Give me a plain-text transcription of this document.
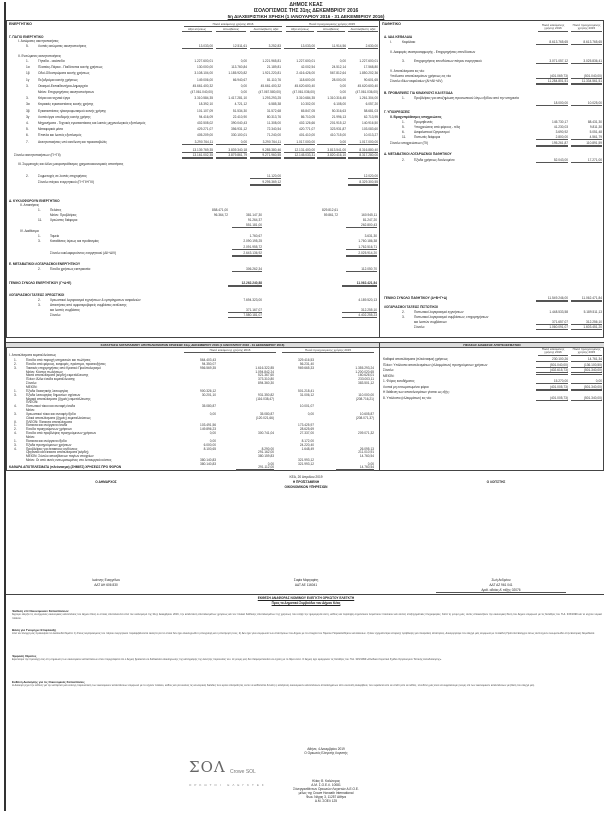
ΔΗΜΟΣ ΚΕΑΣ
ΙΣΟΛΟΓΙΣΜΟΣ ΤΗΣ 31ης ΔΕΚΕΜΒΡΙΟΥ 2016
5η ΔΙΑΧΕΙΡΙΣΤΙΚΗ ΧΡΗΣΗ (1 ΙΑΝΟΥΑΡΙΟΥ 2016 - 31 ΔΕΚΕΜΒΡΙΟΥ 2016)
ΕΝΕΡΓΗΤΙΚΟ	Ποσά κλειόμενης χρήσης 2016	Ποσά προηγούμενης χρήσης 2015
Αξία κτήσεως	Αποσβέσεις	Αναπόσβεστη αξία	Αξία κτήσεως	Αποσβέσεις	Αναπόσβεστη αξία
Γ. ΠΑΓΙΟ ΕΝΕΡΓΗΤΙΚΟ
I. Ασώματες ακινητοποιήσεις
5.	Λοιπές ασώματες ακινητοποιήσεις	13.033,00	12.511,61	3.252,83	13.033,00	11.914,56	2.630,00
II. Ενσώματες ακινητοποιήσεις
1.	Γήπεδα - οικόπεδα	1.227.600,01	0,00	1.221.965,81	1.227.600,01	0,00	1.227.600,01
1α	Πλατείες-Πάρκα - Παιδότοποι κοινής χρήσεως	130.000,00	113.760,84	21.189,81	42.002,54	24.512,14	17.568,80
1β	Οδοί-Οδοστρώματα κοινής χρήσεως	3.108.104,00	1.185.920,82	1.921.220,81	2.416.426,00	567.812,64	1.850.202,36
1γ	Πεζοδρόμια κοινής χρήσεως	149.006,00	66.940,67	81.110,76	118.600,00	28.000,00	90.601,65
3.	Οικισμοί-Εκπαιδευτήρια-Δημαρχεία	45.661.400,32	0,00	45.661.400,32	45.620.600,40	0,00	45.620.600,40
Μείον: Επιχορηγήσεις ακινητοποιήσεων	(47.061.040,00)	0,00	(47.067.580,00)	(47.061.036,00)	0,00	(47.061.036,00)
3.	Κτίρια και τεχνικά έργα	3.310.584,35	1.417.281,10	1.293.293,25	3.310.684,35	1.310.316,45	1.261.304,00
3α	Κτιριακές εγκαταστάσεις κοινής χρήσης	18.392,10	4.721,12	6.585,38	10.302,00	6.108,00	6.057,20
3β	Εγκαταστάσεις ηλεκτροφωτισμού κοινής χρήσης	101.107,09	51.534,30	31.572,68	65.847,05	50.316,63	58.681,03
3γ	Λοιπά έργα υποδομής κοινής χρήσης	94.416,09	22.410,90	80.313,76	86.710,05	21.996,13	62.713,95
4.	Μηχανήματα - Τεχνικές εγκαταστάσεις και λοιπός μηχανολογικός εξοπλισμός	402.508,02	390.040,43	11.308,00	402.126,66	201.915,12	140.916,50
5.	Μεταφορικά μέσα	429.271,07	356.931,12	72.340,54	420.771,07	323.931,87	103.083,60
6.	Έπιπλα και λοιπός εξοπλισμός	405.209,00	330.100,01	71.240,00	401.410,00	410.715,00	10.013,27
7.	Ακινητοποιήσεις υπό εκτέλεση και προκαταβολές	3.290.764,11	0,00	3.290.764,11	1.017.000,00	0,00	1.017.000,00
13.139.769,35	3.839.340,18	9.285.380,46	12.131.400,00	3.813.541,00	8.316.880,40
Σύνολο ακινητοποιήσεων (ΓΙ+ΓΙΙ)	13.161.002,35	3.879.861,79	9.271.960,55	12.145.033,31	3.820.416,10	8.317.280,00
III. Συμμετοχές και άλλες μακροπρόθεσμες χρηματοοικονομικές απαιτήσεις
2.	Συμμετοχές σε λοιπές επιχειρήσεις	11.120,00	12.020,00
Σύνολο πάγιου ενεργητικού (ΓΙ+ΓΙΙ+ΓΙΙΙ)	9.295.369,12	8.329.300,55
Δ. ΚΥΚΛΟΦΟΡΟΥΝ ΕΝΕΡΓΗΤΙΚΟ
II. Απαιτήσεις
1.	Πελάτες	858.471,00	829.812,61
Μείον: Προβλέψεις	96.364,72	381.147,30	59.861,72	160.945,11
11.	Χρεώστες διάφοροι	91.264,37	81.247,20
551.181,00	262.800,43
IV. Διαθέσιμα
1.	Ταμείο	1.760,67	3.631,30
3.	Καταθέσεις όψεως και προθεσμίας	2.090.195,25	1.760.186,38
2.091.955,72	1.762.516,71
Σύνολο κυκλοφορούντος ενεργητικού (ΔΙΙ+ΔΙV)	2.643.136,92	2.025.914,20
Ε. ΜΕΤΑΒΑΤΙΚΟΙ ΛΟΓΑΡΙΑΣΜΟΙ ΕΝΕΡΓΗΤΙΚΟΥ
2.	Έσοδα χρήσεως εισπρακτέα	306.262,34	112.050,70
ΓΕΝΙΚΟ ΣΥΝΟΛΟ ΕΝΕΡΓΗΤΙΚΟΥ (Γ+Δ+Ε)	12.262.240,88	11.062.421,84
ΛΟΓΑΡΙΑΣΜΟΙ ΤΑΞΕΩΣ ΧΡΕΩΣΤΙΚΟΙ
2.	Χρεωστικοί λογαριασμοί εγγυήσεων & εμπράγματων ασφαλειών	7.694.323,00	4.189.520,13
3.	Απαιτήσεις από αμφοτεροβαρείς συμβάσεις εκτέλεσης
και λοιπές συμβάσεις	371.167,07	312.255,10
Σύνολο	7.580.181,07	4.402.255,23
ΠΑΘΗΤΙΚΟ	Ποσά κλειόμενης χρήσης 2016
Ποσά προηγούμενης χρήσης 2015
Α. ΙΔΙΑ ΚΕΦΑΛΑΙΑ
I.	Κεφάλαιο	8.613.765,65	8.613.765,65
II. Διαφορές αναπροσαρμογής - Επιχορηγήσεις επενδύσεων
3.	Επιχορηγήσεις επενδύσεων πάγιου ενεργητικού	3.071.057,12	3.025.836,41
V. Αποτελέσματα εις νέο
Υπόλοιπο αποτελεσμάτων χρήσεως εις νέο	(401.069,73)	(501.040,00)
Σύνολο ιδίων κεφαλαίων (ΑΙ+ΑΙΙ+ΑV)	11.284.801,51	11.334.561,51
Β. ΠΡΟΒΛΕΨΕΙΣ ΓΙΑ ΚΙΝΔΥΝΟΥΣ ΚΑΙ ΕΞΟΔΑ
1.	Προβλέψεις για αποζημίωση προσωπικού λόγω εξόδου από την υπηρεσία
18.000,00	10.025,00
Γ. ΥΠΟΧΡΕΩΣΕΙΣ
II. Βραχυπρόθεσμες υποχρεώσεις
1.	Προμηθευτές	145.730,17	88.431,30
5.	Υποχρεώσεις από φόρους - τέλη	41.230,03	9.811,30
6.	Ασφαλιστικοί Οργανισμοί	3.690,92	5.051,48
11.	Πιστωτές διάφοροι	2.800,00	4.561,79
Σύνολο υποχρεώσεων (ΓΙΙ)	195.261,87	110.891,59
Δ. ΜΕΤΑΒΑΤΙΚΟΙ ΛΟΓΑΡΙΑΣΜΟΙ ΠΑΘΗΤΙΚΟΥ
2.	Έξοδα χρήσεως δουλευμένα	52.043,00	17.271,00
ΓΕΝΙΚΟ ΣΥΝΟΛΟ ΠΑΘΗΤΙΚΟΥ (Α+Β+Γ+Δ)	11.549.246,00	11.062.471,84
ΛΟΓΑΡΙΑΣΜΟΙ ΤΑΞΕΩΣ ΠΙΣΤΩΤΙΚΟΙ
2.	Πιστωτικοί λογαριασμοί εγγυήσεων	1.448.533,58	5.189.511,13
3.	Πιστωτικοί λογαριασμοί συμβάσεων, επιχορηγήσεων
και λοιπών συμβάσεων	371.657,07	312.256,10
Σύνολο	1.060.091,07	1.603.451,20
ΚΑΤΑΣΤΑΣΗ ΛΟΓΑΡΙΑΣΜΟΥ ΑΠΟΤΕΛΕΣΜΑΤΩΝ ΧΡΗΣΕΩΣ 31ης ΔΕΚΕΜΒΡΙΟΥ 2016 (1 ΙΑΝΟΥΑΡΙΟΥ 2016 - 31 ΔΕΚΕΜΒΡΙΟΥ 2016)
Ποσά κλειόμενης χρήσης 2016	Ποσά προηγούμενης χρήσης 2015
I. Αποτελέσματα εκμεταλλεύσεως
1.	Έσοδα από παροχή υπηρεσιών και πωλήσεις	564.403,43	329.416,53
2.	Έσοδα από φόρους, εισφορές, πρόστιμα, προσαυξήσεις	94.350,07	56.231,40
3.	Τακτικές επιχορηγήσεις από Κρατικό Προϋπολογισμό	956.569,35	1.616.322,85	969.665,33	1.355.293,24
Μείον: Κόστος πωλήσεων	1.094.842,24	1.200.020,65
Μικτά αποτελέσματα (κέρδη) εκμετάλλευσης	521.367,60	160.626,01
Πλέον: Άλλα έσοδα εκμετάλλευσης	373.310,80	233.003,11
Σύνολο	894.360,30	383.501,12
ΜΕΙΟΝ:
1.	Έξοδα διοικητικής λειτουργίας	900.326,12	501.218,41
3.	Έξοδα λειτουργίας δημοσίων σχέσεων	30.201,10	931.350,82	31.006,12	110.000,00
Μερικά αποτελέσματα (ζημιές) εκμετάλλευσης	(116.038,47)	(208.716,21)
ΠΛΕΟΝ:
4.	Πιστωτικοί τόκοι και συναφή έσοδα	35.080,87	10.001,07
Μείον:
3.	Χρεωστικοί τόκοι και συναφή έξοδα	0,00	35.080,87	0,00	10.605,87
Ολικά αποτελέσματα (ζημιές) εκμεταλλεύσεως	(120.021,66)	(208.071,37)
II.	ΠΛΕΟΝ: Έκτακτα αποτελέσματα
1.	Έκτακτα και ανόργανα έσοδα	103.491,56	173.425,97
2.	Έσοδα προηγούμενων χρήσεων	149.896,23	28.625,69
4.	Έσοδα από προβλέψεις προηγούμενων χρήσεων	0,00	300.741,04	27.337,00	209.071,32
Μείον:
1.	Έκτακτα και ανόργανα έξοδα	0,00	8.172,00
3.	Έξοδα προηγούμενων χρήσεων	6.000,00	24.220,40
4.	Προβλέψεις για έκτακτους κινδύνους	8.100,65	8.290,00	1.648,49	26.095,13
Οργανικά και έκτακτα αποτελέσματα (κέρδη)	291.162,00	211.010,91
ΜΕΙΟΝ: Σύνολο αποσβέσεων παγίων στοιχείων	380.159,83	14.760,54
Μείον: Οι από αυτές ενσωματωμένες στο λειτουργικό κόστος	380.140,83	321.993,12
380.140,83	0,00	321.993,12	0,00
ΚΑΘΑΡΑ ΑΠΟΤΕΛΕΣΜΑΤΑ (πλεόνασμα) (ΖΗΜΙΕΣ) ΧΡΗΣΕΩΣ ΠΡΟ ΦΟΡΩΝ	291.112,00	14.760,54
ΠΙΝΑΚΑΣ ΔΙΑΘΕΣΗΣ ΑΠΟΤΕΛΕΣΜΑΤΩΝ
Ποσά κλειόμενης χρήσης 2016
Ποσά προηγούμενης χρήσης 2015
Καθαρά αποτελέσματα (πλεόνασμα) χρήσεως	230.100,26	14.761,34
Πλέον: Υπόλοιπο αποτελεσμάτων (ελλειμμάτων) προηγούμενων χρήσεων	(501.040,00)	(136.100,50)
Σύνολο	(402.615,73)	(501.340,00)
ΜΕΙΟΝ:
1. Φόρος εισοδήματος	15.270,00	0,00
Λοιποί μη ενσωματωμένοι φόροι	(401.005,73)	(501.340,00)
Η διάθεση των αποτελεσμάτων γίνεται ως εξής:
8. Υπόλοιπο (ελλειμμάτων) εις νέο	(401.005,73)	(501.340,00)
ΚΕΑ, 20 Απριλίου 2019
Ο ΔΗΜΑΡΧΟΣ	Η ΠΡΟΪΣΤΑΜΕΝΗ
ΟΙΚΟΝΟΜΙΚΩΝ ΥΠΗΡΕΣΙΩΝ
Ο ΛΟΓΙΣΤΗΣ
Ιωάννης Ευαγγέλου
ΑΔΤ ΑΗ 606 830
Σοφία Μαργαρίτη
ΑΔΤ ΑΕ 116041
Ζωή Ανδρέου
ΑΔΤ ΑΖ 961 041
Αριθ. αδείας Α' τάξης 02076
ΕΚΘΕΣΗ ΑΝΑΦΟΡΑΣ ΝΟΜΙΜΟΥ ΕΛΕΓΚΤΗ ΟΡΚΩΤΟΥ ΕΛΕΓΚΤΗ
Προς το Δημοτικό Συμβούλιο του Δήμου Κέας
Έκθεση επί Οικονομικών Καταστάσεων
Έχουμε ελέγξει τις συνημμένες οικονομικές καταστάσεις του Δήμου Κέας οι οποίες αποτελούνται από τον ισολογισμό της 31ης Δεκεμβρίου 2016, την κατάσταση αποτελεσμάτων χρήσεως και τον πίνακα διάθεσης αποτελεσμάτων της χρήσεως που έληξε την ημερομηνία αυτή, καθώς και περίληψη σημαντικών λογιστικών πολιτικών και λοιπές επεξηγηματικές πληροφορίες. Κατά τη γνώμη μας, αυτές απεικονίζουν την οικονομική θέση του Δήμου σύμφωνα με τις διατάξεις του Π.Δ. 315/1999 και το ισχύον νομικό πλαίσιο.
Βάση για Γνώμη με Επιφύλαξη
Από τον έλεγχό μας προέκυψαν τα ακόλουθα θέματα: 1) Στους λογαριασμούς του πάγιου ενεργητικού περιλαμβάνονται ακίνητα για τα οποία δεν έχει ολοκληρωθεί η απογραφή και η αποτίμησή τους. 2) Δεν έχει γίνει συμφωνία των απαιτήσεων του Δήμου με τα στοιχεία του Ταμείου Παρακαταθηκών και Δανείων. 3) Δεν σχηματίστηκε επαρκής πρόβλεψη για επισφαλείς απαιτήσεις. Διενεργήσαμε τον έλεγχό μας σύμφωνα με τα Διεθνή Πρότυπα Ελέγχου όπως αυτά έχουν ενσωματωθεί στην Ελληνική Νομοθεσία.
Έμφαση θέματος
Εφιστούμε την προσοχή σας στη σημείωση των οικονομικών καταστάσεων όπου περιγράφεται ότι ο Δήμος βρίσκεται σε διαδικασία ολοκλήρωσης της καταγραφής της ακίνητης περιουσίας του. Η γνώμη μας δεν διαφοροποιείται σε σχέση με το θέμα αυτό. Ο Δήμος έχει εφαρμόσει τις διατάξεις του Π.Δ. 315/1999 «Κλαδικό Λογιστικό Σχέδιο Οργανισμών Τοπικής Αυτοδιοίκησης».
Ευθύνη Διοίκησης για τις Οικονομικές Καταστάσεις
Η Διοίκηση έχει την ευθύνη για την κατάρτιση και εύλογη παρουσίαση των οικονομικών καταστάσεων σύμφωνα με το ισχύον πλαίσιο, καθώς και για εκείνες τις εσωτερικές δικλίδες που κρίνει απαραίτητες ώστε να καθίσταται δυνατή η κατάρτιση οικονομικών καταστάσεων απαλλαγμένων από ουσιώδη ανακρίβεια, που οφείλεται είτε σε απάτη είτε σε λάθος. Η ευθύνη μας είναι να εκφράσουμε γνώμη επί των οικονομικών καταστάσεων με βάση τον έλεγχό μας.
Αθήνα, 4 Δεκεμβρίου 2019
Ο Ορκωτός Ελεγκτής Λογιστής
ΣΟΛ Crowe SOL
ΟΡΚΩΤΟΙ ΕΛΕΓΚΤΕΣ
Ηλίας Θ. Καλύτερος
Α.Μ. Σ.Ο.Ε.Λ. 10081
Σύνεργασθέντων Ορκωτών Λογιστών Α.Ε.Ο.Ε.
μέλος της Crowe Horwath International
Φωκ. Νέγρη 3, 11257 Αθήνα
Α.Μ. ΣΟΕΛ 125
